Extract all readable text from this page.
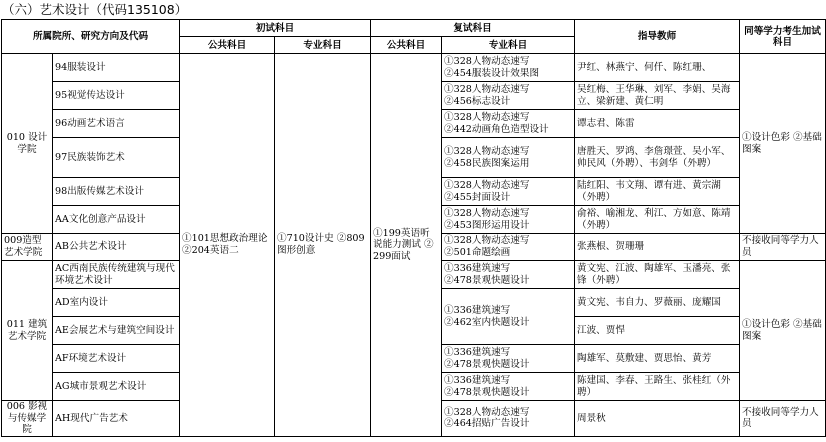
（六）艺术设计（代码135108）
所属院所、研究方向及代码		初试科目		复试科目		指导教师	同等学力考生加试科目
		公共科目	专业科目	公共科目	专业科目		
010 设计学院	94服装设计	①101思想政治理论 ②204英语二	①710设计史 ②809图形创意	①199英语听说能力测试 ②299面试	①328人物动态速写
②454服装设计效果图	尹红、林燕宁、何仟、陈红珊、	①设计色彩 ②基础图案
	95视觉传达设计				①328人物动态速写
②456标志设计	吴红梅、王华琳、刘军、李娟、吴海立、梁新建、黄仁明	
	96动画艺术语言				①328人物动态速写
②442动画角色造型设计	谭志君、陈雷	
	97民族装饰艺术				①328人物动态速写
②458民族图案运用	唐胜天、罗鸿、李詹璟萱、吴小军、帅民风（外聘）、韦剑华（外聘）	
	98出版传媒艺术设计				①328人物动态速写
②455封面设计	陆红阳、韦文翔、谭有进、黄宗湖（外聘）	
	AA文化创意产品设计				①328人物动态速写
②453图形运用设计	俞裕、喻湘龙、利江、方如意、陈靖（外聘）	
009造型艺术学院	AB公共艺术设计				①328人物动态速写
②501命题绘画	张燕根、贺珊珊	不接收同等学力人员
011 建筑艺术学院	AC西南民族传统建筑与现代环境艺术设计				①336建筑速写
②478景观快题设计	黄文宪、江波、陶雄军、玉潘亮、张锋（外聘）	①设计色彩 ②基础图案
	AD室内设计				①336建筑速写
②462室内快题设计	黄文宪、韦自力、罗薇丽、庞耀国	
	AE会展艺术与建筑空间设计					江波、贾悍	
	AF环境艺术设计				①336建筑速写
②478景观快题设计	陶雄军、莫敷建、贾思怡、黄芳	
	AG城市景观艺术设计				①336建筑速写
②478景观快题设计	陈建国、李春、王路生、张桂红（外聘）	
006 影视与传媒学院	AH现代广告艺术				①328人物动态速写
②464招贴广告设计	周景秋	不接收同等学力人员
